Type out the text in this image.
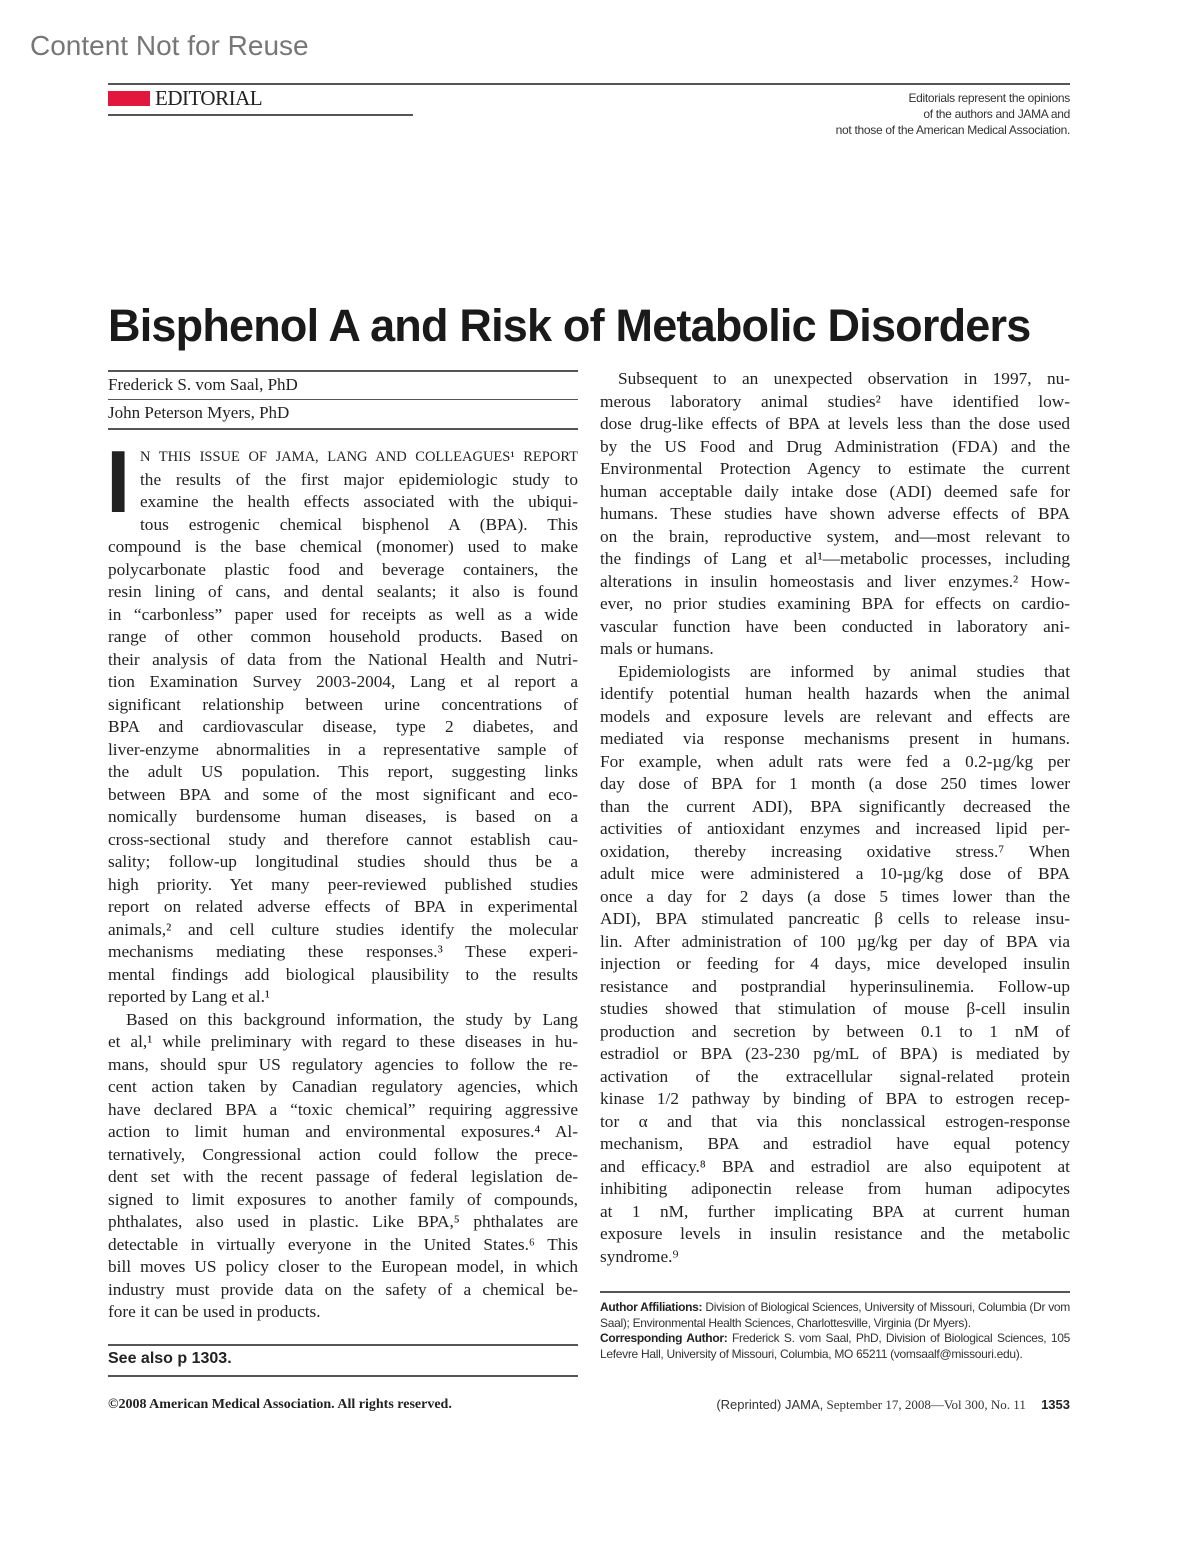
Content Not for Reuse
EDITORIAL	Editorials represent the opinions
of the authors and JAMA and
not those of the American Medical Association.
Bisphenol A and Risk of Metabolic Disorders
Frederick S. vom Saal, PhD
John Peterson Myers, PhD
I N THIS ISSUE OF JAMA, LANG AND COLLEAGUES¹ REPORT
the results of the first major epidemiologic study to
examine the health effects associated with the ubiqui-
tous estrogenic chemical bisphenol A (BPA). This
compound is the base chemical (monomer) used to make
polycarbonate plastic food and beverage containers, the
resin lining of cans, and dental sealants; it also is found
in “carbonless” paper used for receipts as well as a wide
range of other common household products. Based on
their analysis of data from the National Health and Nutri-
tion Examination Survey 2003-2004, Lang et al report a
significant relationship between urine concentrations of
BPA and cardiovascular disease, type 2 diabetes, and
liver-enzyme abnormalities in a representative sample of
the adult US population. This report, suggesting links
between BPA and some of the most significant and eco-
nomically burdensome human diseases, is based on a
cross-sectional study and therefore cannot establish cau-
sality; follow-up longitudinal studies should thus be a
high priority. Yet many peer-reviewed published studies
report on related adverse effects of BPA in experimental
animals,² and cell culture studies identify the molecular
mechanisms mediating these responses.³ These experi-
mental findings add biological plausibility to the results
reported by Lang et al.¹
Based on this background information, the study by Lang
et al,¹ while preliminary with regard to these diseases in hu-
mans, should spur US regulatory agencies to follow the re-
cent action taken by Canadian regulatory agencies, which
have declared BPA a “toxic chemical” requiring aggressive
action to limit human and environmental exposures.⁴ Al-
ternatively, Congressional action could follow the prece-
dent set with the recent passage of federal legislation de-
signed to limit exposures to another family of compounds,
phthalates, also used in plastic. Like BPA,⁵ phthalates are
detectable in virtually everyone in the United States.⁶ This
bill moves US policy closer to the European model, in which
industry must provide data on the safety of a chemical be-
fore it can be used in products.
Subsequent to an unexpected observation in 1997, nu-
merous laboratory animal studies² have identified low-
dose drug-like effects of BPA at levels less than the dose used
by the US Food and Drug Administration (FDA) and the
Environmental Protection Agency to estimate the current
human acceptable daily intake dose (ADI) deemed safe for
humans. These studies have shown adverse effects of BPA
on the brain, reproductive system, and—most relevant to
the findings of Lang et al¹—metabolic processes, including
alterations in insulin homeostasis and liver enzymes.² How-
ever, no prior studies examining BPA for effects on cardio-
vascular function have been conducted in laboratory ani-
mals or humans.
Epidemiologists are informed by animal studies that
identify potential human health hazards when the animal
models and exposure levels are relevant and effects are
mediated via response mechanisms present in humans.
For example, when adult rats were fed a 0.2-µg/kg per
day dose of BPA for 1 month (a dose 250 times lower
than the current ADI), BPA significantly decreased the
activities of antioxidant enzymes and increased lipid per-
oxidation, thereby increasing oxidative stress.⁷ When
adult mice were administered a 10-µg/kg dose of BPA
once a day for 2 days (a dose 5 times lower than the
ADI), BPA stimulated pancreatic β cells to release insu-
lin. After administration of 100 µg/kg per day of BPA via
injection or feeding for 4 days, mice developed insulin
resistance and postprandial hyperinsulinemia. Follow-up
studies showed that stimulation of mouse β-cell insulin
production and secretion by between 0.1 to 1 nM of
estradiol or BPA (23-230 pg/mL of BPA) is mediated by
activation of the extracellular signal-related protein
kinase 1/2 pathway by binding of BPA to estrogen recep-
tor α and that via this nonclassical estrogen-response
mechanism, BPA and estradiol have equal potency
and efficacy.⁸ BPA and estradiol are also equipotent at
inhibiting adiponectin release from human adipocytes
at 1 nM, further implicating BPA at current human
exposure levels in insulin resistance and the metabolic
syndrome.⁹
See also p 1303.
Author Affiliations: Division of Biological Sciences, University of Missouri, Columbia (Dr vom Saal); Environmental Health Sciences, Charlottesville, Virginia (Dr Myers).
Corresponding Author: Frederick S. vom Saal, PhD, Division of Biological Sciences, 105 Lefevre Hall, University of Missouri, Columbia, MO 65211 (vomsaalf@missouri.edu).
©2008 American Medical Association. All rights reserved.	(Reprinted) JAMA, September 17, 2008—Vol 300, No. 11 1353
